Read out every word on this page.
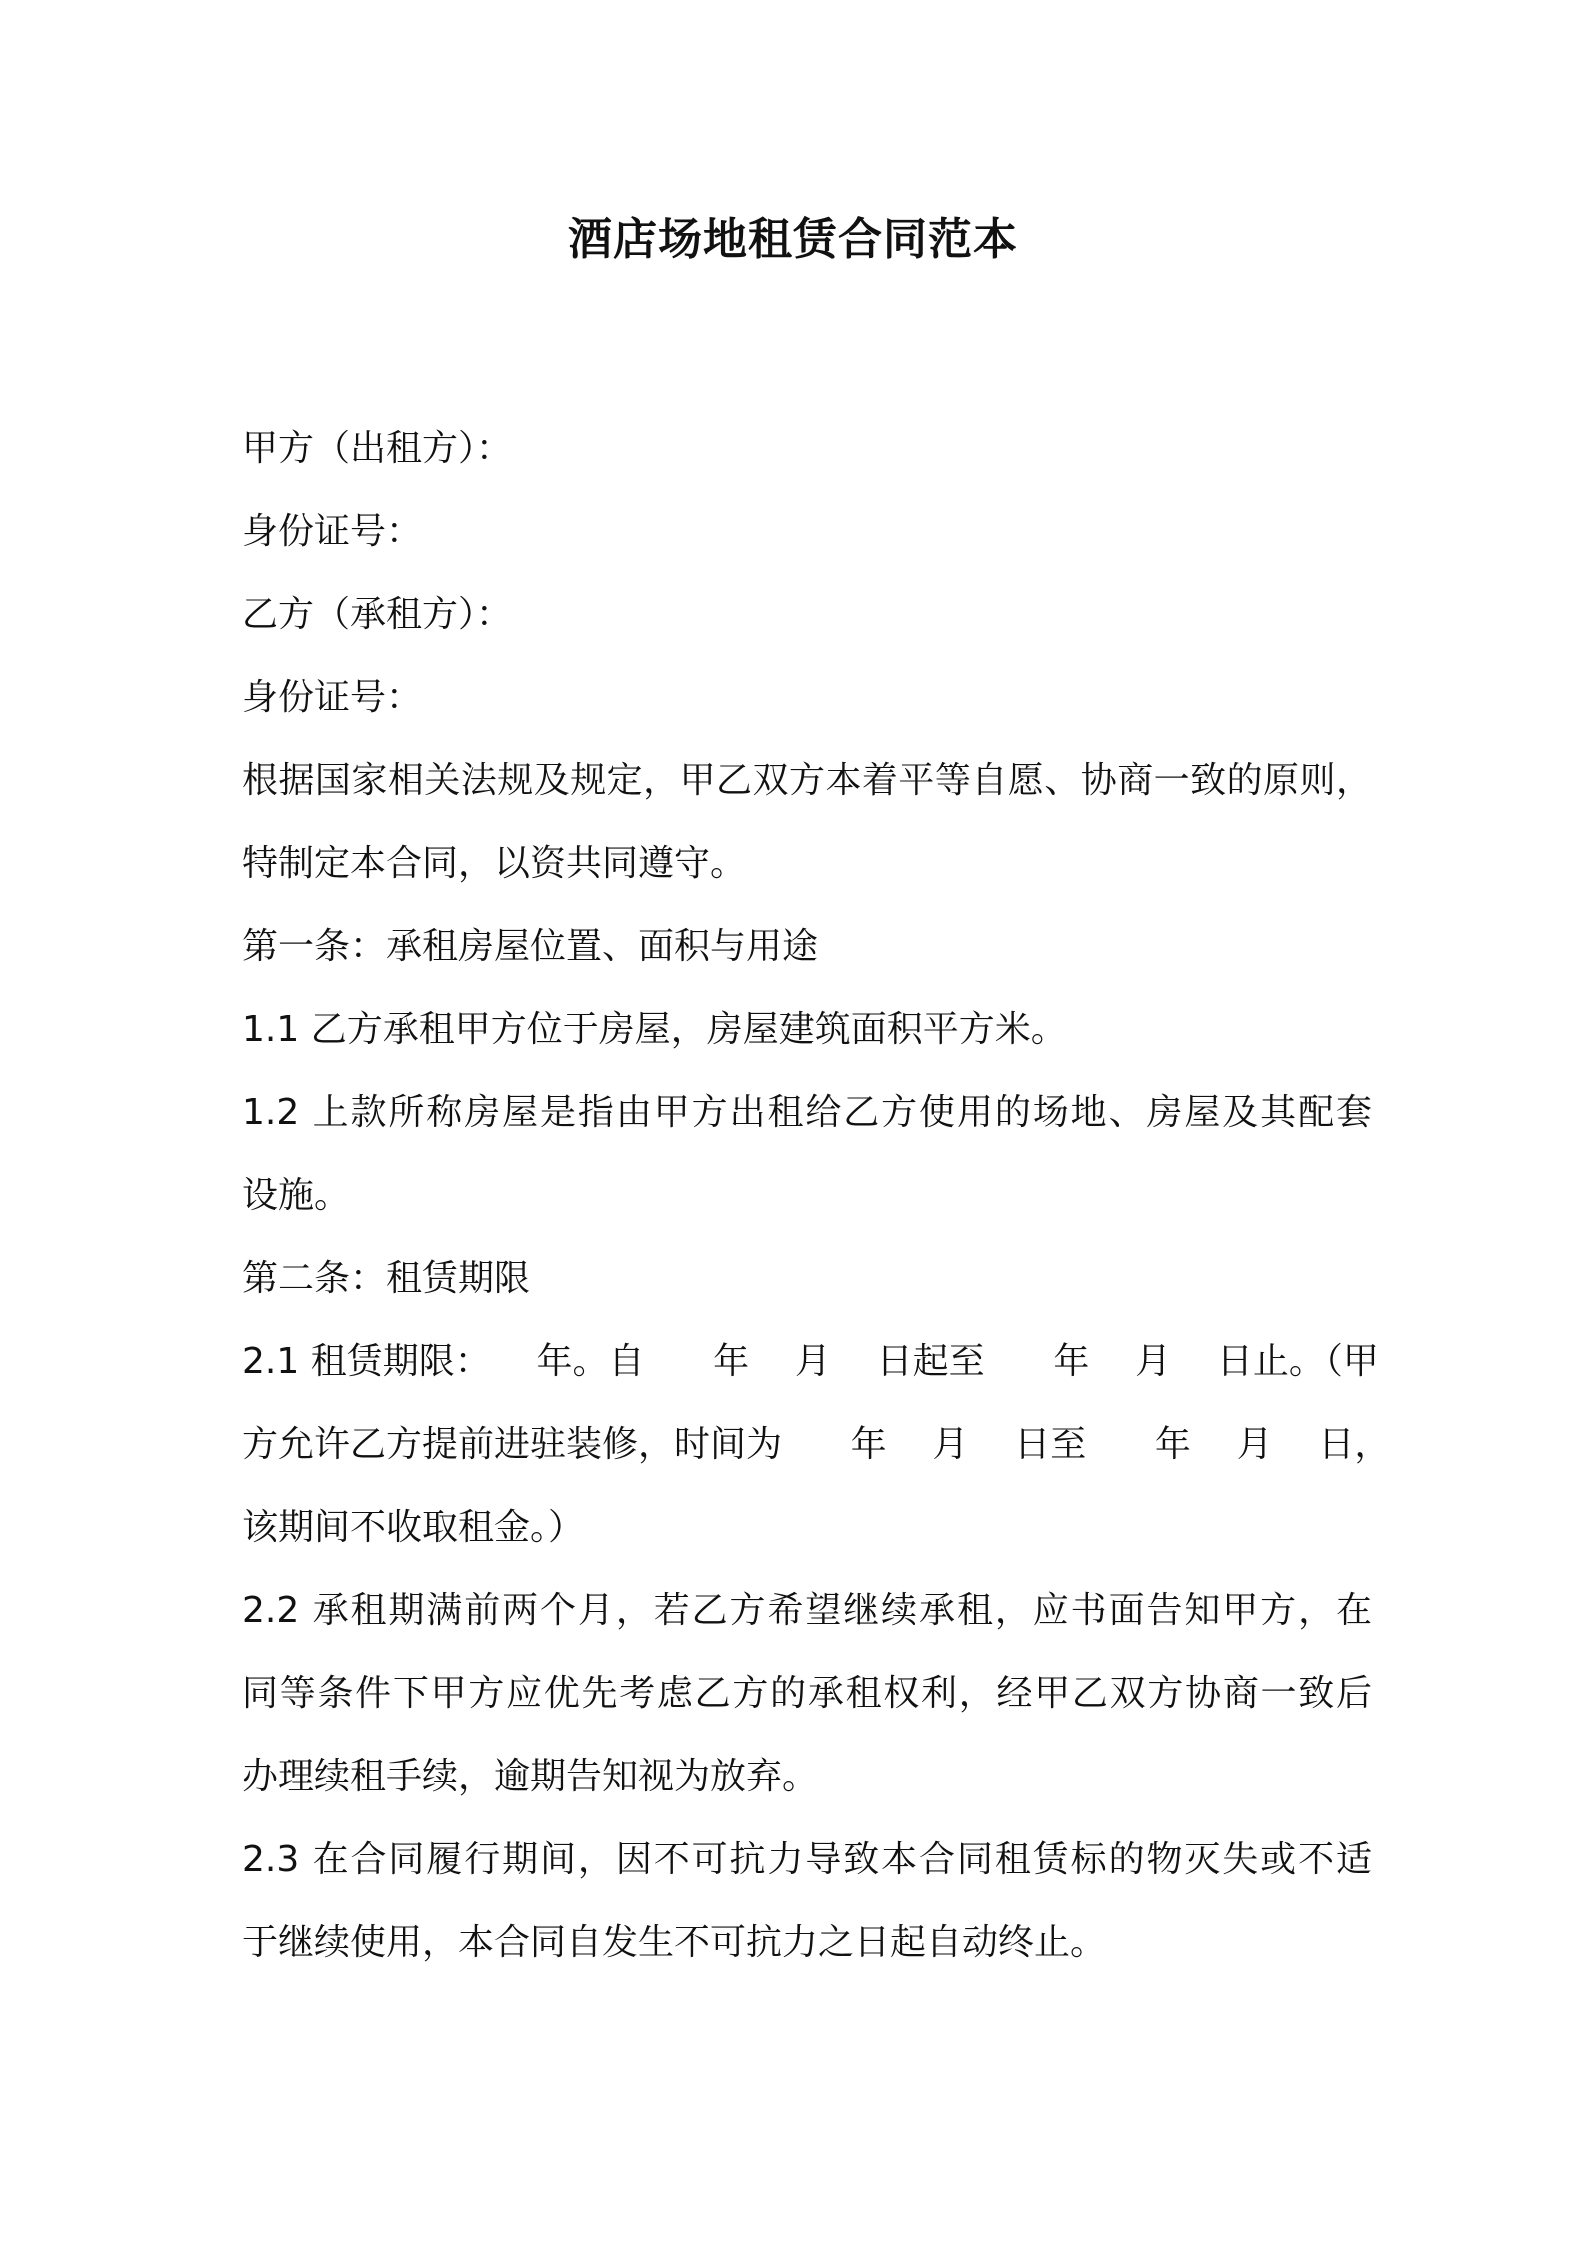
酒店场地租赁合同范本
甲方（出租方）：
身份证号：
乙方（承租方）：
身份证号：
根据国家相关法规及规定，甲乙双方本着平等自愿、协商一致的原则，
特制定本合同，以资共同遵守。
第一条：承租房屋位置、面积与用途
1.1 乙方承租甲方位于房屋，房屋建筑面积平方米。
1.2 上款所称房屋是指由甲方出租给乙方使用的场地、房屋及其配套
设施。
第二条：租赁期限
2.1 租赁期限：    年。自      年    月    日起至      年    月    日止。（甲
方允许乙方提前进驻装修，时间为      年    月    日至      年    月    日，
该期间不收取租金。）
2.2 承租期满前两个月，若乙方希望继续承租，应书面告知甲方，在
同等条件下甲方应优先考虑乙方的承租权利，经甲乙双方协商一致后
办理续租手续，逾期告知视为放弃。
2.3 在合同履行期间，因不可抗力导致本合同租赁标的物灭失或不适
于继续使用，本合同自发生不可抗力之日起自动终止。
